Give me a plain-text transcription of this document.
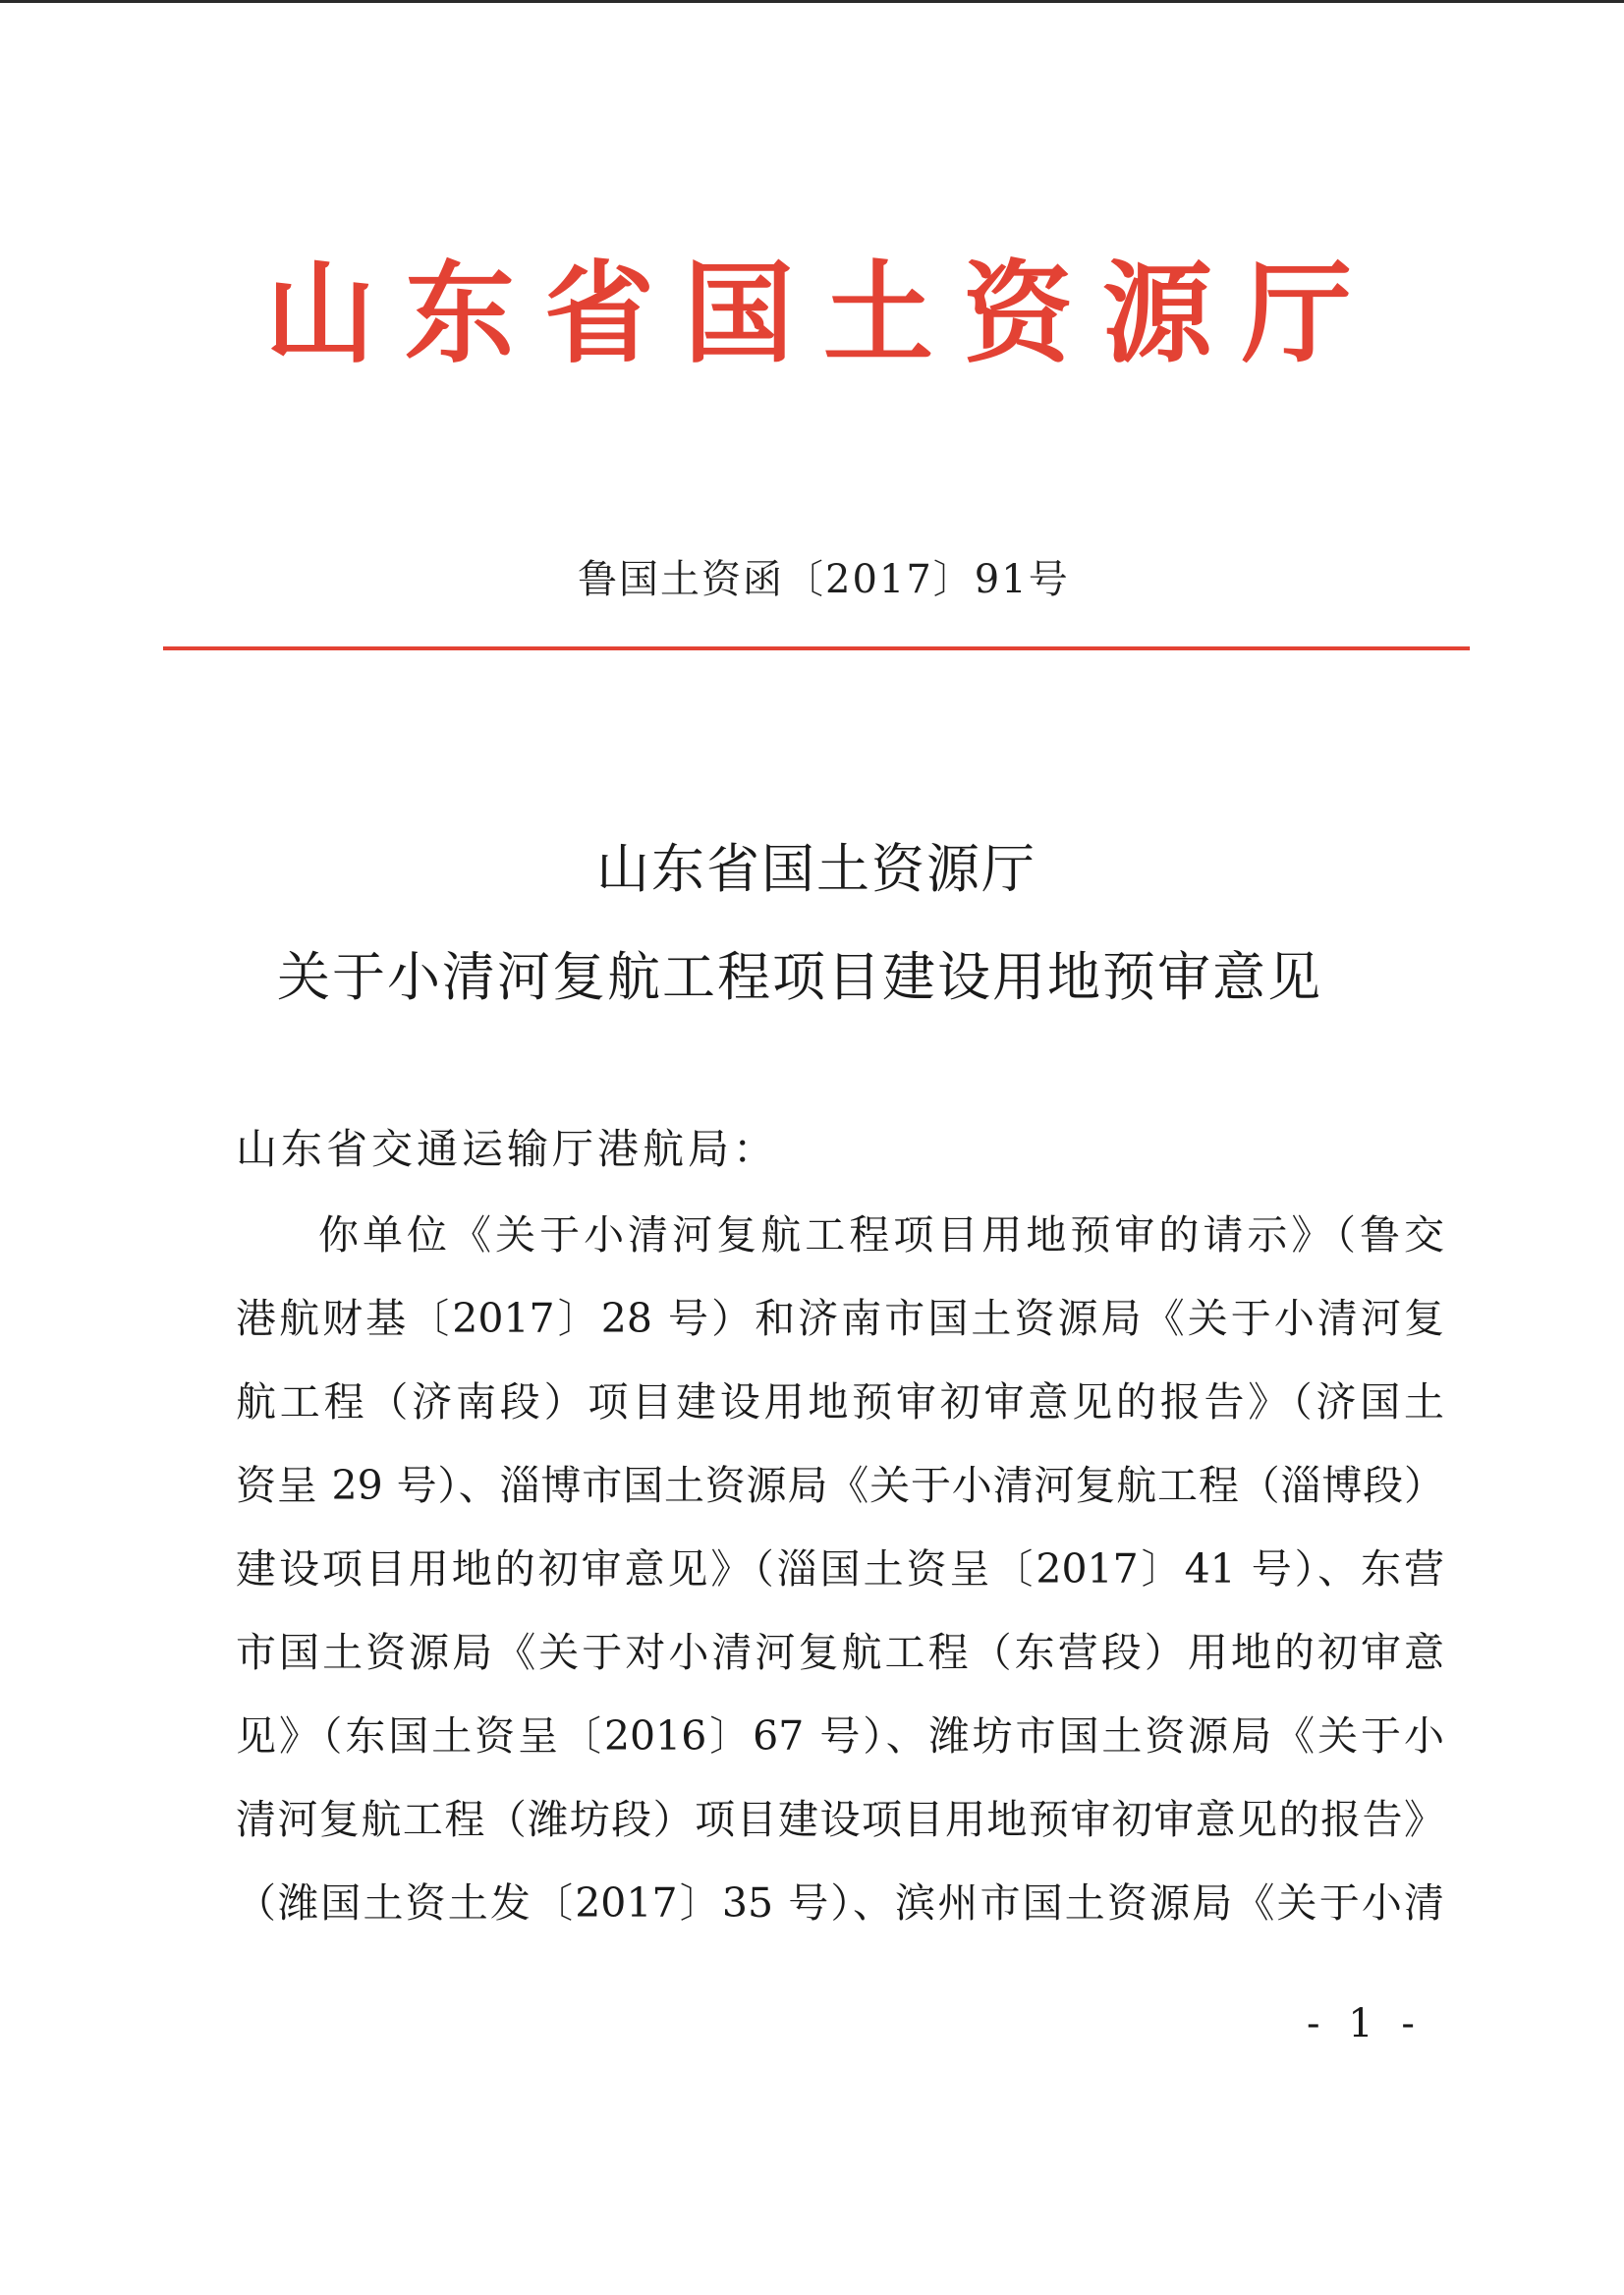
山东省国土资源厅
鲁国土资函〔2017〕91号
山东省国土资源厅
关于小清河复航工程项目建设用地预审意见
山东省交通运输厅港航局：
你单位《关于小清河复航工程项目用地预审的请示》（鲁交
港航财基〔2017〕28 号）和济南市国土资源局《关于小清河复
航工程（济南段）项目建设用地预审初审意见的报告》（济国土
资呈 29 号）、淄博市国土资源局《关于小清河复航工程（淄博段）
建设项目用地的初审意见》（淄国土资呈〔2017〕41 号）、东营
市国土资源局《关于对小清河复航工程（东营段）用地的初审意
见》（东国土资呈〔2016〕67 号）、潍坊市国土资源局《关于小
清河复航工程（潍坊段）项目建设项目用地预审初审意见的报告》
（潍国土资土发〔2017〕35 号）、滨州市国土资源局《关于小清
- 1 -
